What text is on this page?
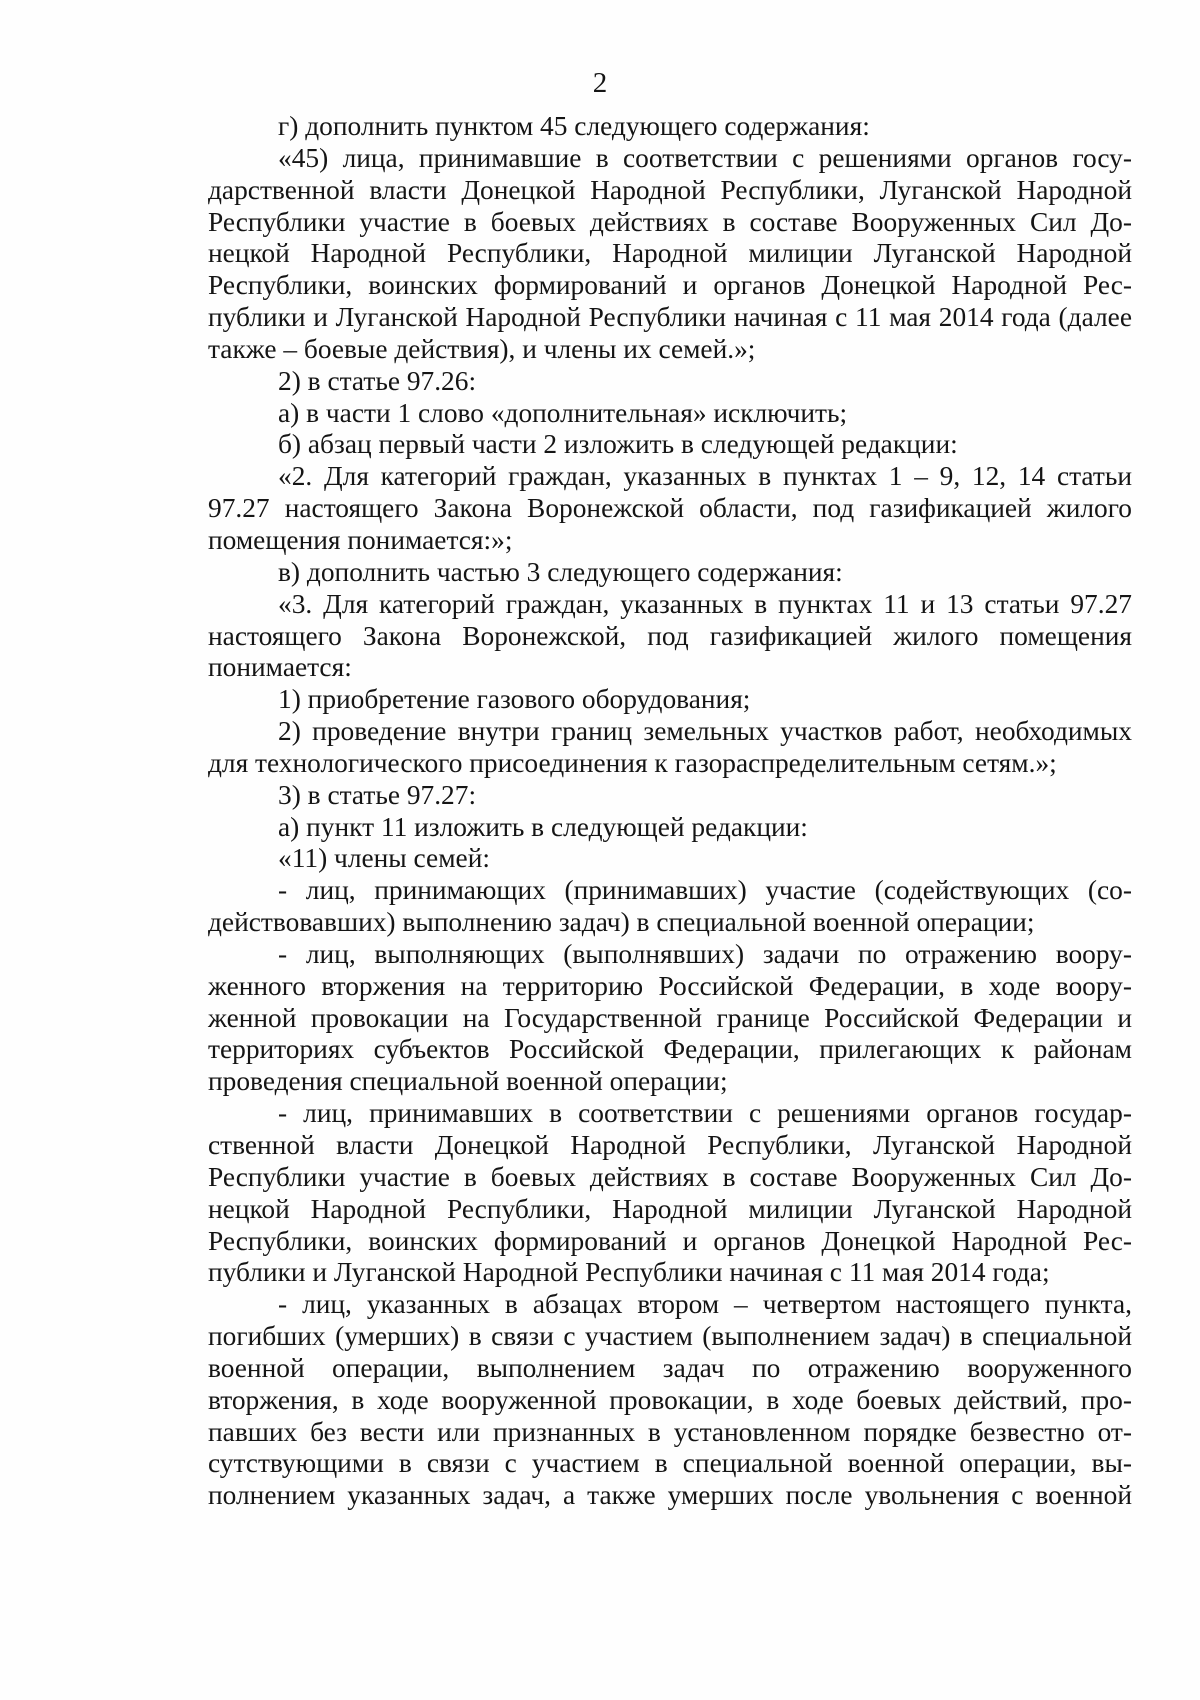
2
г) дополнить пунктом 45 следующего содержания:
«45) лица, принимавшие в соответствии с решениями органов государственной власти Донецкой Народной Республики, Луганской Народной Республики участие в боевых действиях в составе Вооруженных Сил Донецкой Народной Республики, Народной милиции Луганской Народной Республики, воинских формирований и органов Донецкой Народной Республики и Луганской Народной Республики начиная с 11 мая 2014 года (далее также – боевые действия), и члены их семей.»;
2) в статье 97.26:
а) в части 1 слово «дополнительная» исключить;
б) абзац первый части 2 изложить в следующей редакции:
«2. Для категорий граждан, указанных в пунктах 1 – 9, 12, 14 статьи 97.27 настоящего Закона Воронежской области, под газификацией жилого помещения понимается:»;
в) дополнить частью 3 следующего содержания:
«3. Для категорий граждан, указанных в пунктах 11 и 13 статьи 97.27 настоящего Закона Воронежской, под газификацией жилого помещения понимается:
1) приобретение газового оборудования;
2) проведение внутри границ земельных участков работ, необходимых для технологического присоединения к газораспределительным сетям.»;
3) в статье 97.27:
а) пункт 11 изложить в следующей редакции:
«11) члены семей:
- лиц, принимающих (принимавших) участие (содействующих (содействовавших) выполнению задач) в специальной военной операции;
- лиц, выполняющих (выполнявших) задачи по отражению вооруженного вторжения на территорию Российской Федерации, в ходе вооруженной провокации на Государственной границе Российской Федерации и территориях субъектов Российской Федерации, прилегающих к районам проведения специальной военной операции;
- лиц, принимавших в соответствии с решениями органов государственной власти Донецкой Народной Республики, Луганской Народной Республики участие в боевых действиях в составе Вооруженных Сил Донецкой Народной Республики, Народной милиции Луганской Народной Республики, воинских формирований и органов Донецкой Народной Республики и Луганской Народной Республики начиная с 11 мая 2014 года;
- лиц, указанных в абзацах втором – четвертом настоящего пункта, погибших (умерших) в связи с участием (выполнением задач) в специальной военной операции, выполнением задач по отражению вооруженного вторжения, в ходе вооруженной провокации, в ходе боевых действий, пропавших без вести или признанных в установленном порядке безвестно отсутствующими в связи с участием в специальной военной операции, выполнением указанных задач, а также умерших после увольнения с военной
